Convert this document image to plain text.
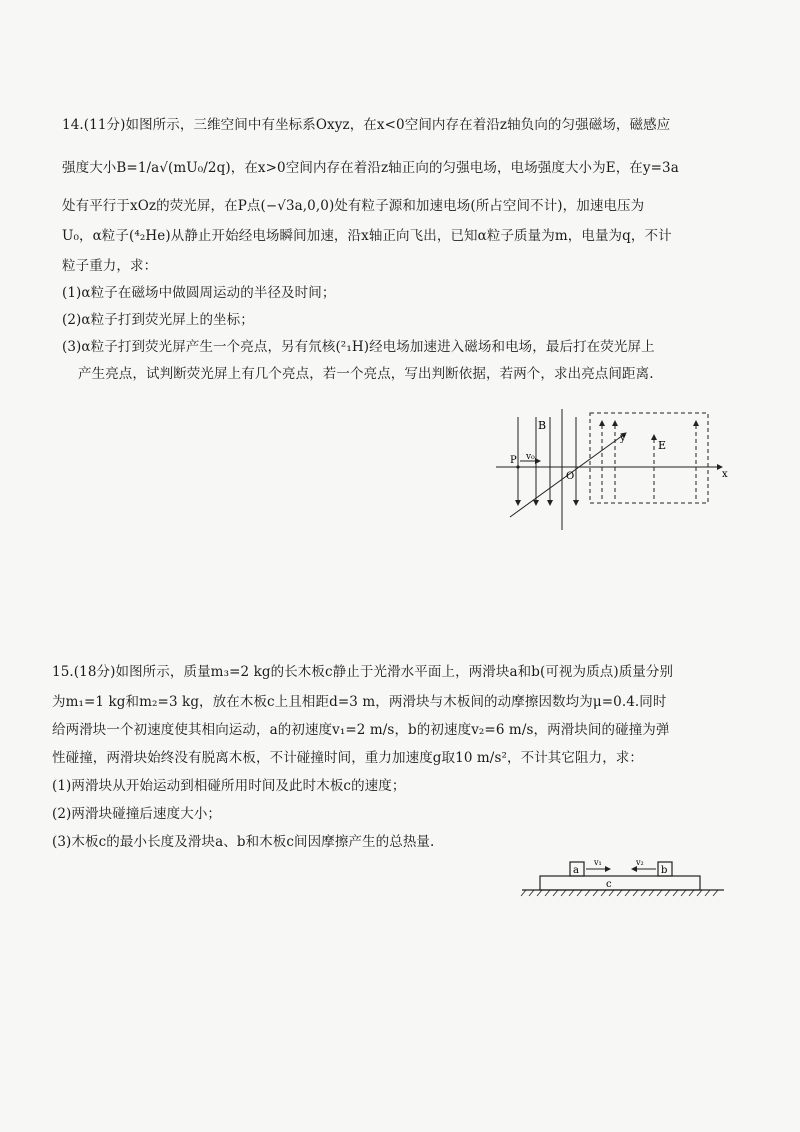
14.(11分)如图所示，三维空间中有坐标系Oxyz，在x<0空间内存在着沿z轴负向的匀强磁场，磁感应
强度大小B=1/a√(mU₀/2q)，在x>0空间内存在着沿z轴正向的匀强电场，电场强度大小为E，在y=3a
处有平行于xOz的荧光屏，在P点(−√3a,0,0)处有粒子源和加速电场(所占空间不计)，加速电压为
U₀，α粒子(⁴₂He)从静止开始经电场瞬间加速，沿x轴正向飞出，已知α粒子质量为m，电量为q，不计
粒子重力，求：
(1)α粒子在磁场中做圆周运动的半径及时间；
(2)α粒子打到荧光屏上的坐标；
(3)α粒子打到荧光屏产生一个亮点，另有氘核(²₁H)经电场加速进入磁场和电场，最后打在荧光屏上
产生亮点，试判断荧光屏上有几个亮点，若一个亮点，写出判断依据，若两个，求出亮点间距离.
B
E
P v₀
O
y
x
15.(18分)如图所示，质量m₃=2 kg的长木板c静止于光滑水平面上，两滑块a和b(可视为质点)质量分别
为m₁=1 kg和m₂=3 kg，放在木板c上且相距d=3 m，两滑块与木板间的动摩擦因数均为μ=0.4.同时
给两滑块一个初速度使其相向运动，a的初速度v₁=2 m/s，b的初速度v₂=6 m/s，两滑块间的碰撞为弹
性碰撞，两滑块始终没有脱离木板，不计碰撞时间，重力加速度g取10 m/s²，不计其它阻力，求：
(1)两滑块从开始运动到相碰所用时间及此时木板c的速度；
(2)两滑块碰撞后速度大小；
(3)木板c的最小长度及滑块a、b和木板c间因摩擦产生的总热量.
a	b
c
v₁	v₂
